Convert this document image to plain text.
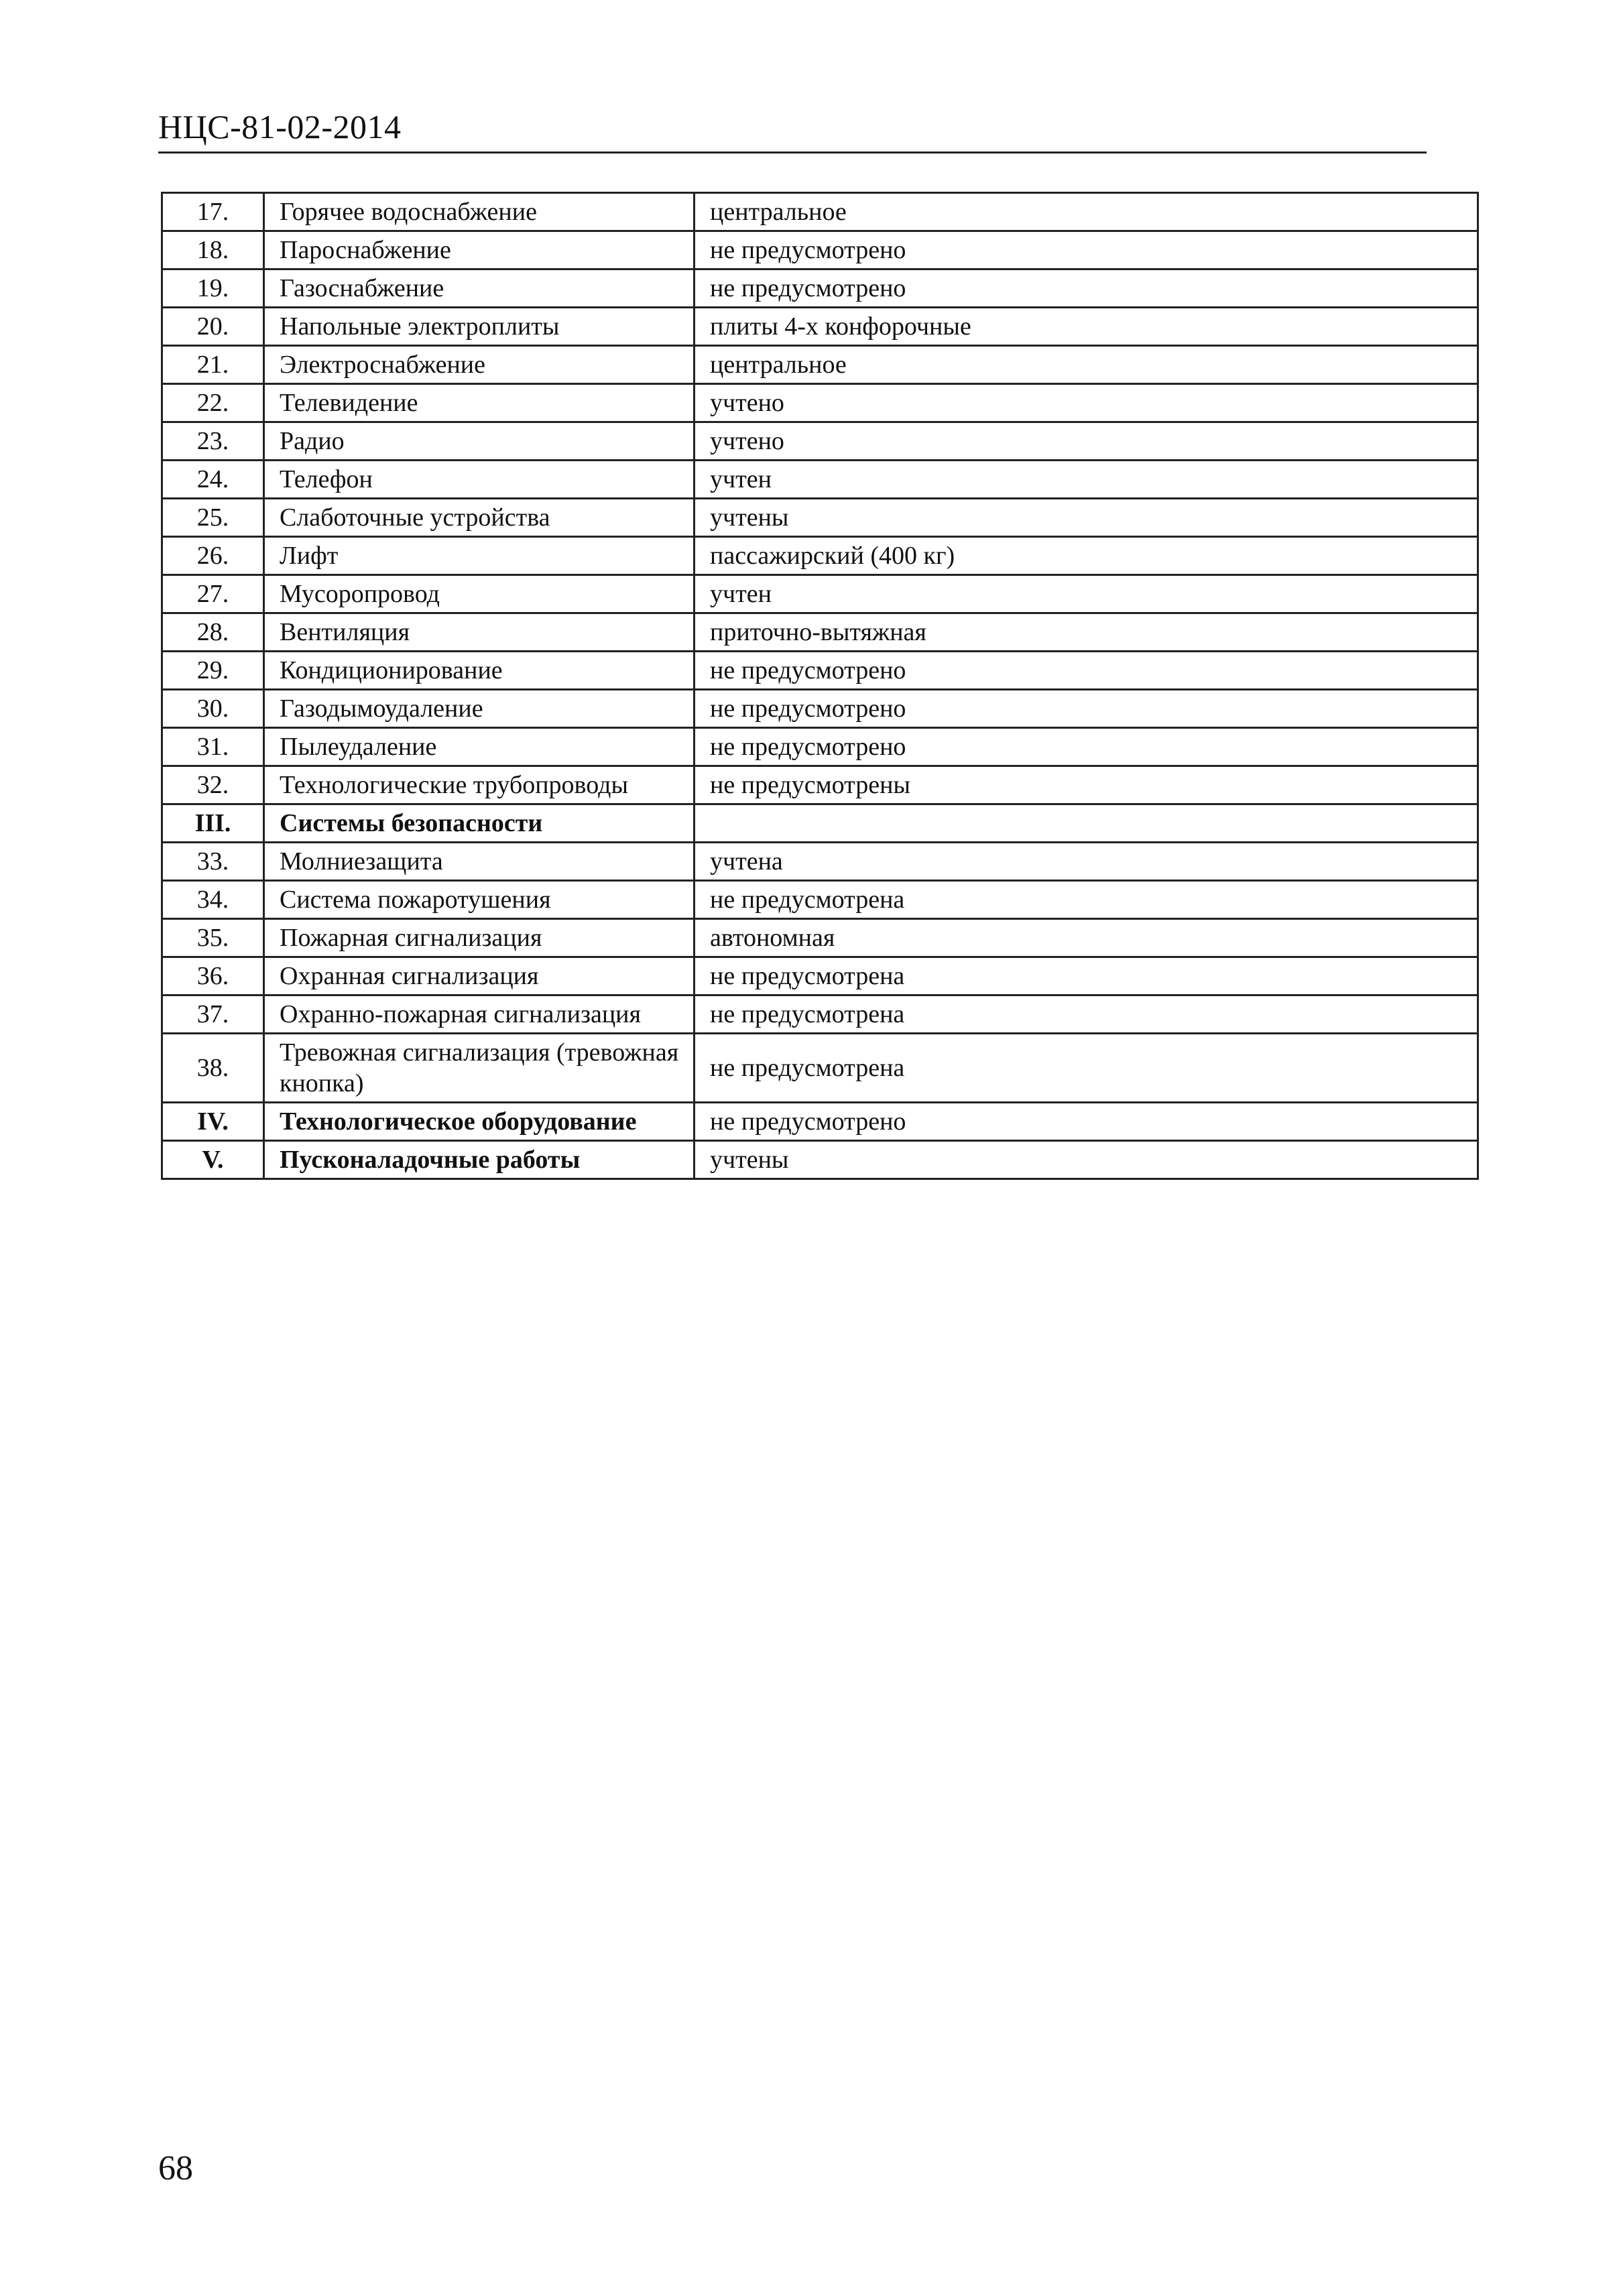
НЦС-81-02-2014
17.	Горячее водоснабжение	центральное
18.	Пароснабжение	не предусмотрено
19.	Газоснабжение	не предусмотрено
20.	Напольные электроплиты	плиты 4-х конфорочные
21.	Электроснабжение	центральное
22.	Телевидение	учтено
23.	Радио	учтено
24.	Телефон	учтен
25.	Слаботочные устройства	учтены
26.	Лифт	пассажирский (400 кг)
27.	Мусоропровод	учтен
28.	Вентиляция	приточно-вытяжная
29.	Кондиционирование	не предусмотрено
30.	Газодымоудаление	не предусмотрено
31.	Пылеудаление	не предусмотрено
32.	Технологические трубопроводы	не предусмотрены
III.	Системы безопасности	
33.	Молниезащита	учтена
34.	Система пожаротушения	не предусмотрена
35.	Пожарная сигнализация	автономная
36.	Охранная сигнализация	не предусмотрена
37.	Охранно-пожарная сигнализация	не предусмотрена
38.	Тревожная сигнализация (тревожная кнопка)	не предусмотрена
IV.	Технологическое оборудование	не предусмотрено
V.	Пусконаладочные работы	учтены
68
